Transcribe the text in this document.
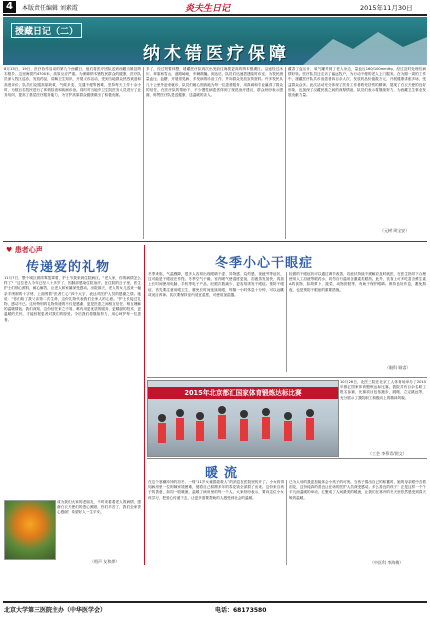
4	本版责任编辑 刘素霞	炎夫生日记	2015年11月30日
援藏日记（二）
纳木错医疗保障
8月13日，19日，医疗协作启动的第九个西藏日，他们将医疗团队送到西藏当雄县纳木错乡。这里海拔约4700米，高原反应严重。为保障纳木错牧民群众的健康，医疗队员深入牧区巡诊，发放药品，讲解卫生知识，开展义诊活动，受到当地群众热烈欢迎和高度评价。队员们克服高原缺氧、气候多变、交通不便等困难，坚持每天工作十余小时，为数百名牧民进行了体格检查和疾病诊治。同时对当地乡卫生院医务人员进行了业务培训，提高了基层医疗服务能力，为守护高原群众健康做出了积极贡献。
多了，经过短暂休整，援藏医疗队再次出发前往海拔更高的纳木错湖区。沿途经过冰川、草原和雪山，道路崎岖，车辆颠簸。到达后，队员们迅速搭建临时诊室，为牧民测量血压、血糖，开展常见病、多发病的诊治工作，并向群众发放宣传资料。许多牧民从几十公里外赶来就诊，队员们耐心细致地为每一位患者服务，用真诚和专业赢得了群众的信任。在医疗队的帮助下，不少慢性病患者得到了规范治疗建议，群众纷纷表示感谢，称赞医疗队是送健康、送温暖的亲人。
藏香了血压计，氧气罐并到了老人身边，量血压160/100mmHg，经过及时处理后病情好转。医疗队员还走访了偏远牧户，为行动不便的老人上门服务。在为期一周的工作中，援藏医疗队共诊治患者四百余人次，发放药品价值数万元，开展健康讲座多场，受益群众众多。此次活动充分体现了医务工作者救死扶伤的精神，展现了白衣天使的良好形象，也加深了汉藏民族之间的深厚情谊，队员们表示将继续努力，为西藏卫生事业发展贡献力量。
（元树 周宝安）
♥ 患者心声
传递爱的礼物
11月7日，整个城区被浓雾笼罩着，护士节我来到住院病区。“老人家，你的病情怎么样了？”这位老人今年已经八十多岁了，因肺部感染住院治疗。在住院的日子里，医生护士们细心照料，耐心解答，让老人和家属深受感动。出院那天，老人的女儿送来一幅亲手绣制的十字绣，上面绣着“医者仁心”四个大字，表达对医护人员的感谢之情。她说：“你们给了我父亲第二次生命，这份礼物代表我们全家人的心意。”护士长接过礼物，感动不已。这份特别的礼物传递的不仅是感谢，更是医患之间相互信任、相互理解的温暖情谊。我们深知，这份信任来之不易，唯有用更优质的服务、更精湛的技术、更温暖的关怀，才能回报患者对我们的厚爱。今后我们将继续努力，用心呵护每一位患者。
成为我们大家的老朋友，不时来看看老人的病情，感谢白衣天使们的悉心照顾，你们辛苦了，我们全家衷心感谢！希望好人一生平安。
（相声 友和烨）
冬季小心干眼症
冬季来临，气温骤降，很多人容易出现眼睛干涩、异物感、烧灼感、视疲劳等症状，这可能是干眼症在作怪。冬季空气干燥，室内暖气使湿度更低，泪液蒸发加快，再加上长时间使用电脑、手机等电子产品，眨眼次数减少，更容易诱发干眼症。预防干眼症，首先要注意用眼卫生，避免长时间连续用眼，每隔一小时休息十分钟，可以远眺或闭目养神。其次要保持室内适宜湿度，可使用加湿器。
轻微的干眼症状可以通过调节改善，若症状持续不缓解应及时就医，在医生指导下合理使用人工泪液等眼药水，切勿自行滥用含激素类眼药。此外，饮食上可多吃富含维生素A的食物，如胡萝卜、菠菜、动物肝脏等，有助于保护眼睛。保持良好作息，避免熬夜，也是预防干眼症的重要措施。
（眼科 顾睿）
2015年北京都汇国家体育锻炼达标比赛
10月26日，北医三院在北京工人体育场举办了2015年都汇国家体育锻炼达标比赛。我院共有百余名职工报名参赛，比赛项目包括跑步、跳绳、立定跳远等，充分展示了我院职工积极向上的精神风貌。
（工会 李慕青/图文）
暖流
在这个寒潮冲冲的初冬，一则“11岁女童捐款救人”的消息在医院里传开了。小女孩得知病房里一位阿姨家境困难，便将自己积攒多年的零花钱全部捐了出来。这份来自孩子的善意，如同一股暖流，温暖了病房里的每一个人。大家纷纷表示，要向这位小女孩学习，把爱心传递下去，让更多需要帮助的人感受到社会的温暖。
已为人母的我更加能体会小孩子的可贵。当孩子捐出自己的积蓄时，她的母亲眼中含着泪花，这份纯真的善良让在场的医护人员深受感动。多么善良的孩子！正是这样一个个平凡而温暖的举动，汇聚成了人间最美的暖流，让我们在寒冷的冬天里依然感受到春天般的温暖。
（中医科 李海梅）
北京大学第三医院主办（中华医学会）	电话：68173580
